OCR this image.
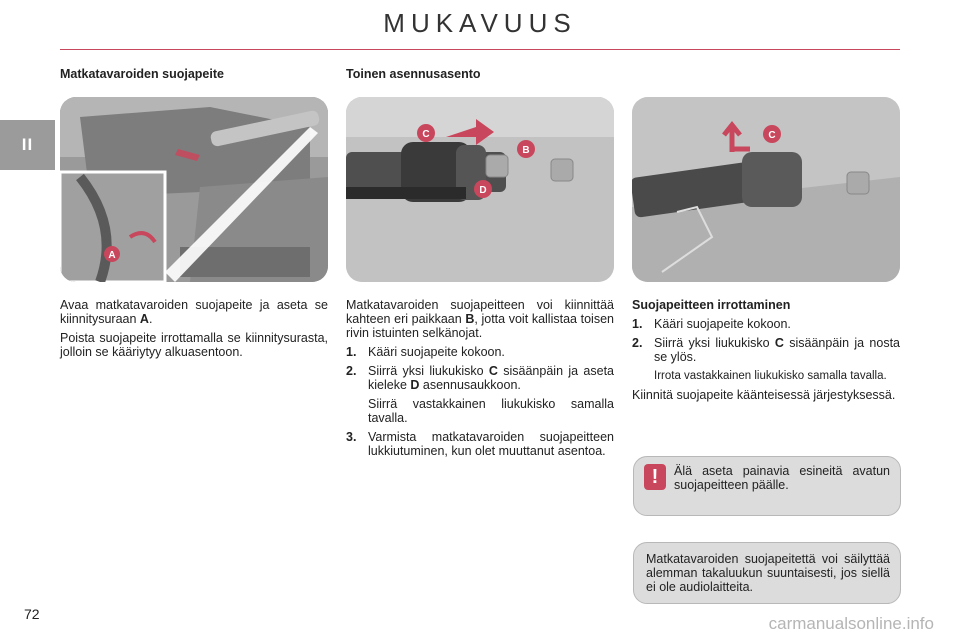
MUKAVUUS
II
Matkatavaroiden suojapeite	Toinen asennusasento
A
C
B
D
C

Avaa matkatavaroiden suojapeite ja aseta se kiinnitysuraan A.

Poista suojapeite irrottamalla se kiinnitysurasta, jolloin se kääriytyy alkuasentoon.

Matkatavaroiden suojapeitteen voi kiinnittää kahteen eri paikkaan B, jotta voit kallistaa toisen rivin istuinten selkänojat.

1. Kääri suojapeite kokoon.
2. Siirrä yksi liukukisko C sisäänpäin ja aseta kieleke D asennusaukkoon.
Siirrä vastakkainen liukukisko samalla tavalla.
3. Varmista matkatavaroiden suojapeitteen lukkiutuminen, kun olet muuttanut asentoa.

Suojapeitteen irrottaminen

1. Kääri suojapeite kokoon.
2. Siirrä yksi liukukisko C sisäänpäin ja nosta se ylös.
Irrota vastakkainen liukukisko samalla tavalla.

Kiinnitä suojapeite käänteisessä järjestyksessä.

!	Älä aseta painavia esineitä avatun suojapeitteen päälle.
Matkatavaroiden suojapeitettä voi säilyttää alemman takaluukun suuntaisesti, jos siellä ei ole audiolaitteita.
72	carmanualsonline.info
